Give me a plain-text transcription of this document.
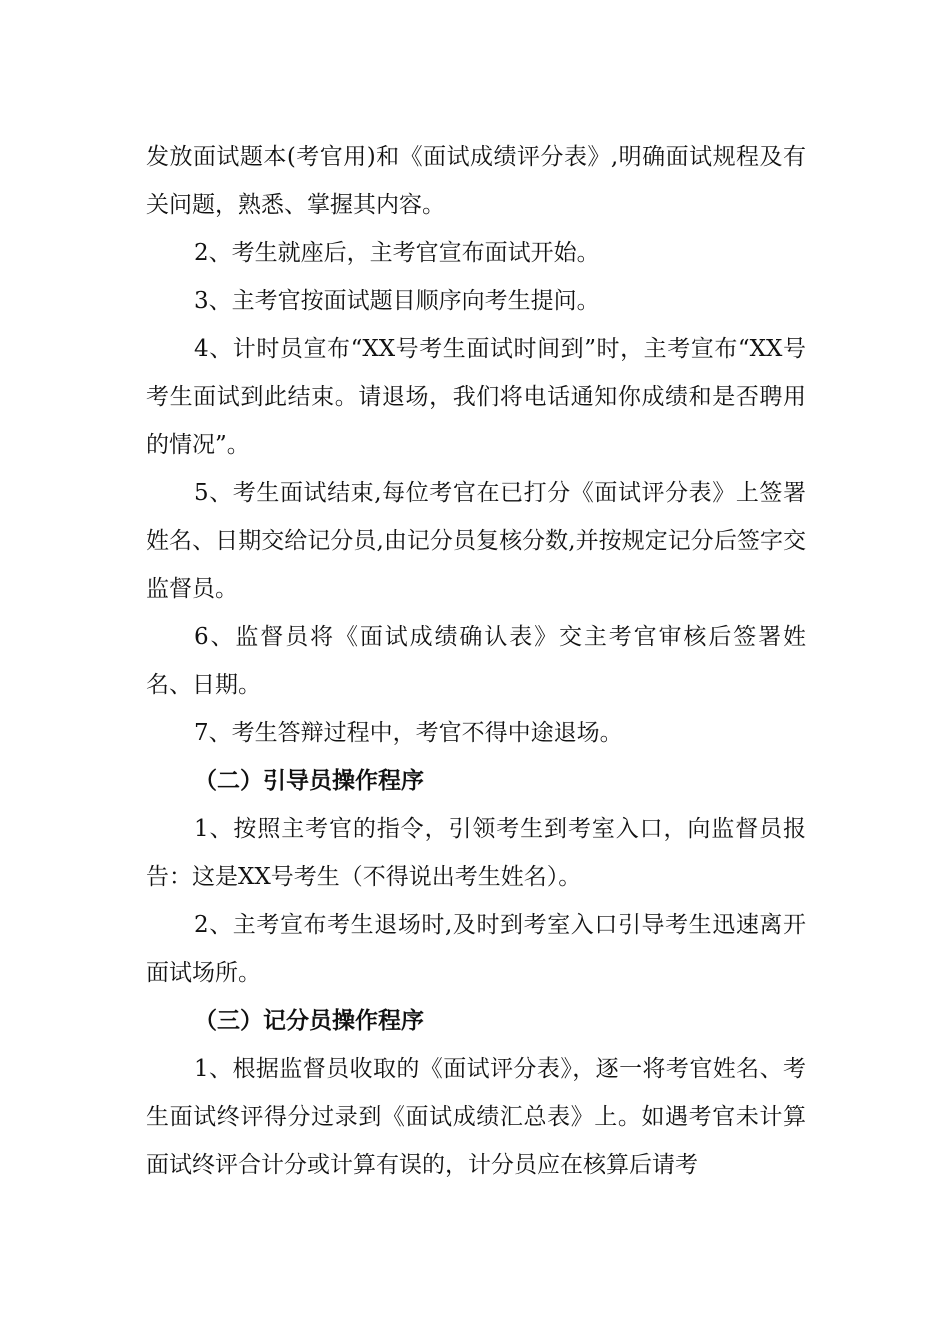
发放面试题本(考官用)和《面试成绩评分表》,明确面试规程及有关问题，熟悉、掌握其内容。

2、考生就座后，主考官宣布面试开始。

3、主考官按面试题目顺序向考生提问。

4、计时员宣布“XX号考生面试时间到”时，主考宣布“XX号考生面试到此结束。请退场，我们将电话通知你成绩和是否聘用的情况”。

5、考生面试结束,每位考官在已打分《面试评分表》上签署姓名、日期交给记分员,由记分员复核分数,并按规定记分后签字交监督员。

6、监督员将《面试成绩确认表》交主考官审核后签署姓名、日期。

7、考生答辩过程中，考官不得中途退场。

（二）引导员操作程序

1、按照主考官的指令，引领考生到考室入口，向监督员报告：这是XX号考生（不得说出考生姓名）。

2、主考宣布考生退场时,及时到考室入口引导考生迅速离开面试场所。

（三）记分员操作程序

1、根据监督员收取的《面试评分表》，逐一将考官姓名、考生面试终评得分过录到《面试成绩汇总表》上。如遇考官未计算面试终评合计分或计算有误的，计分员应在核算后请考
